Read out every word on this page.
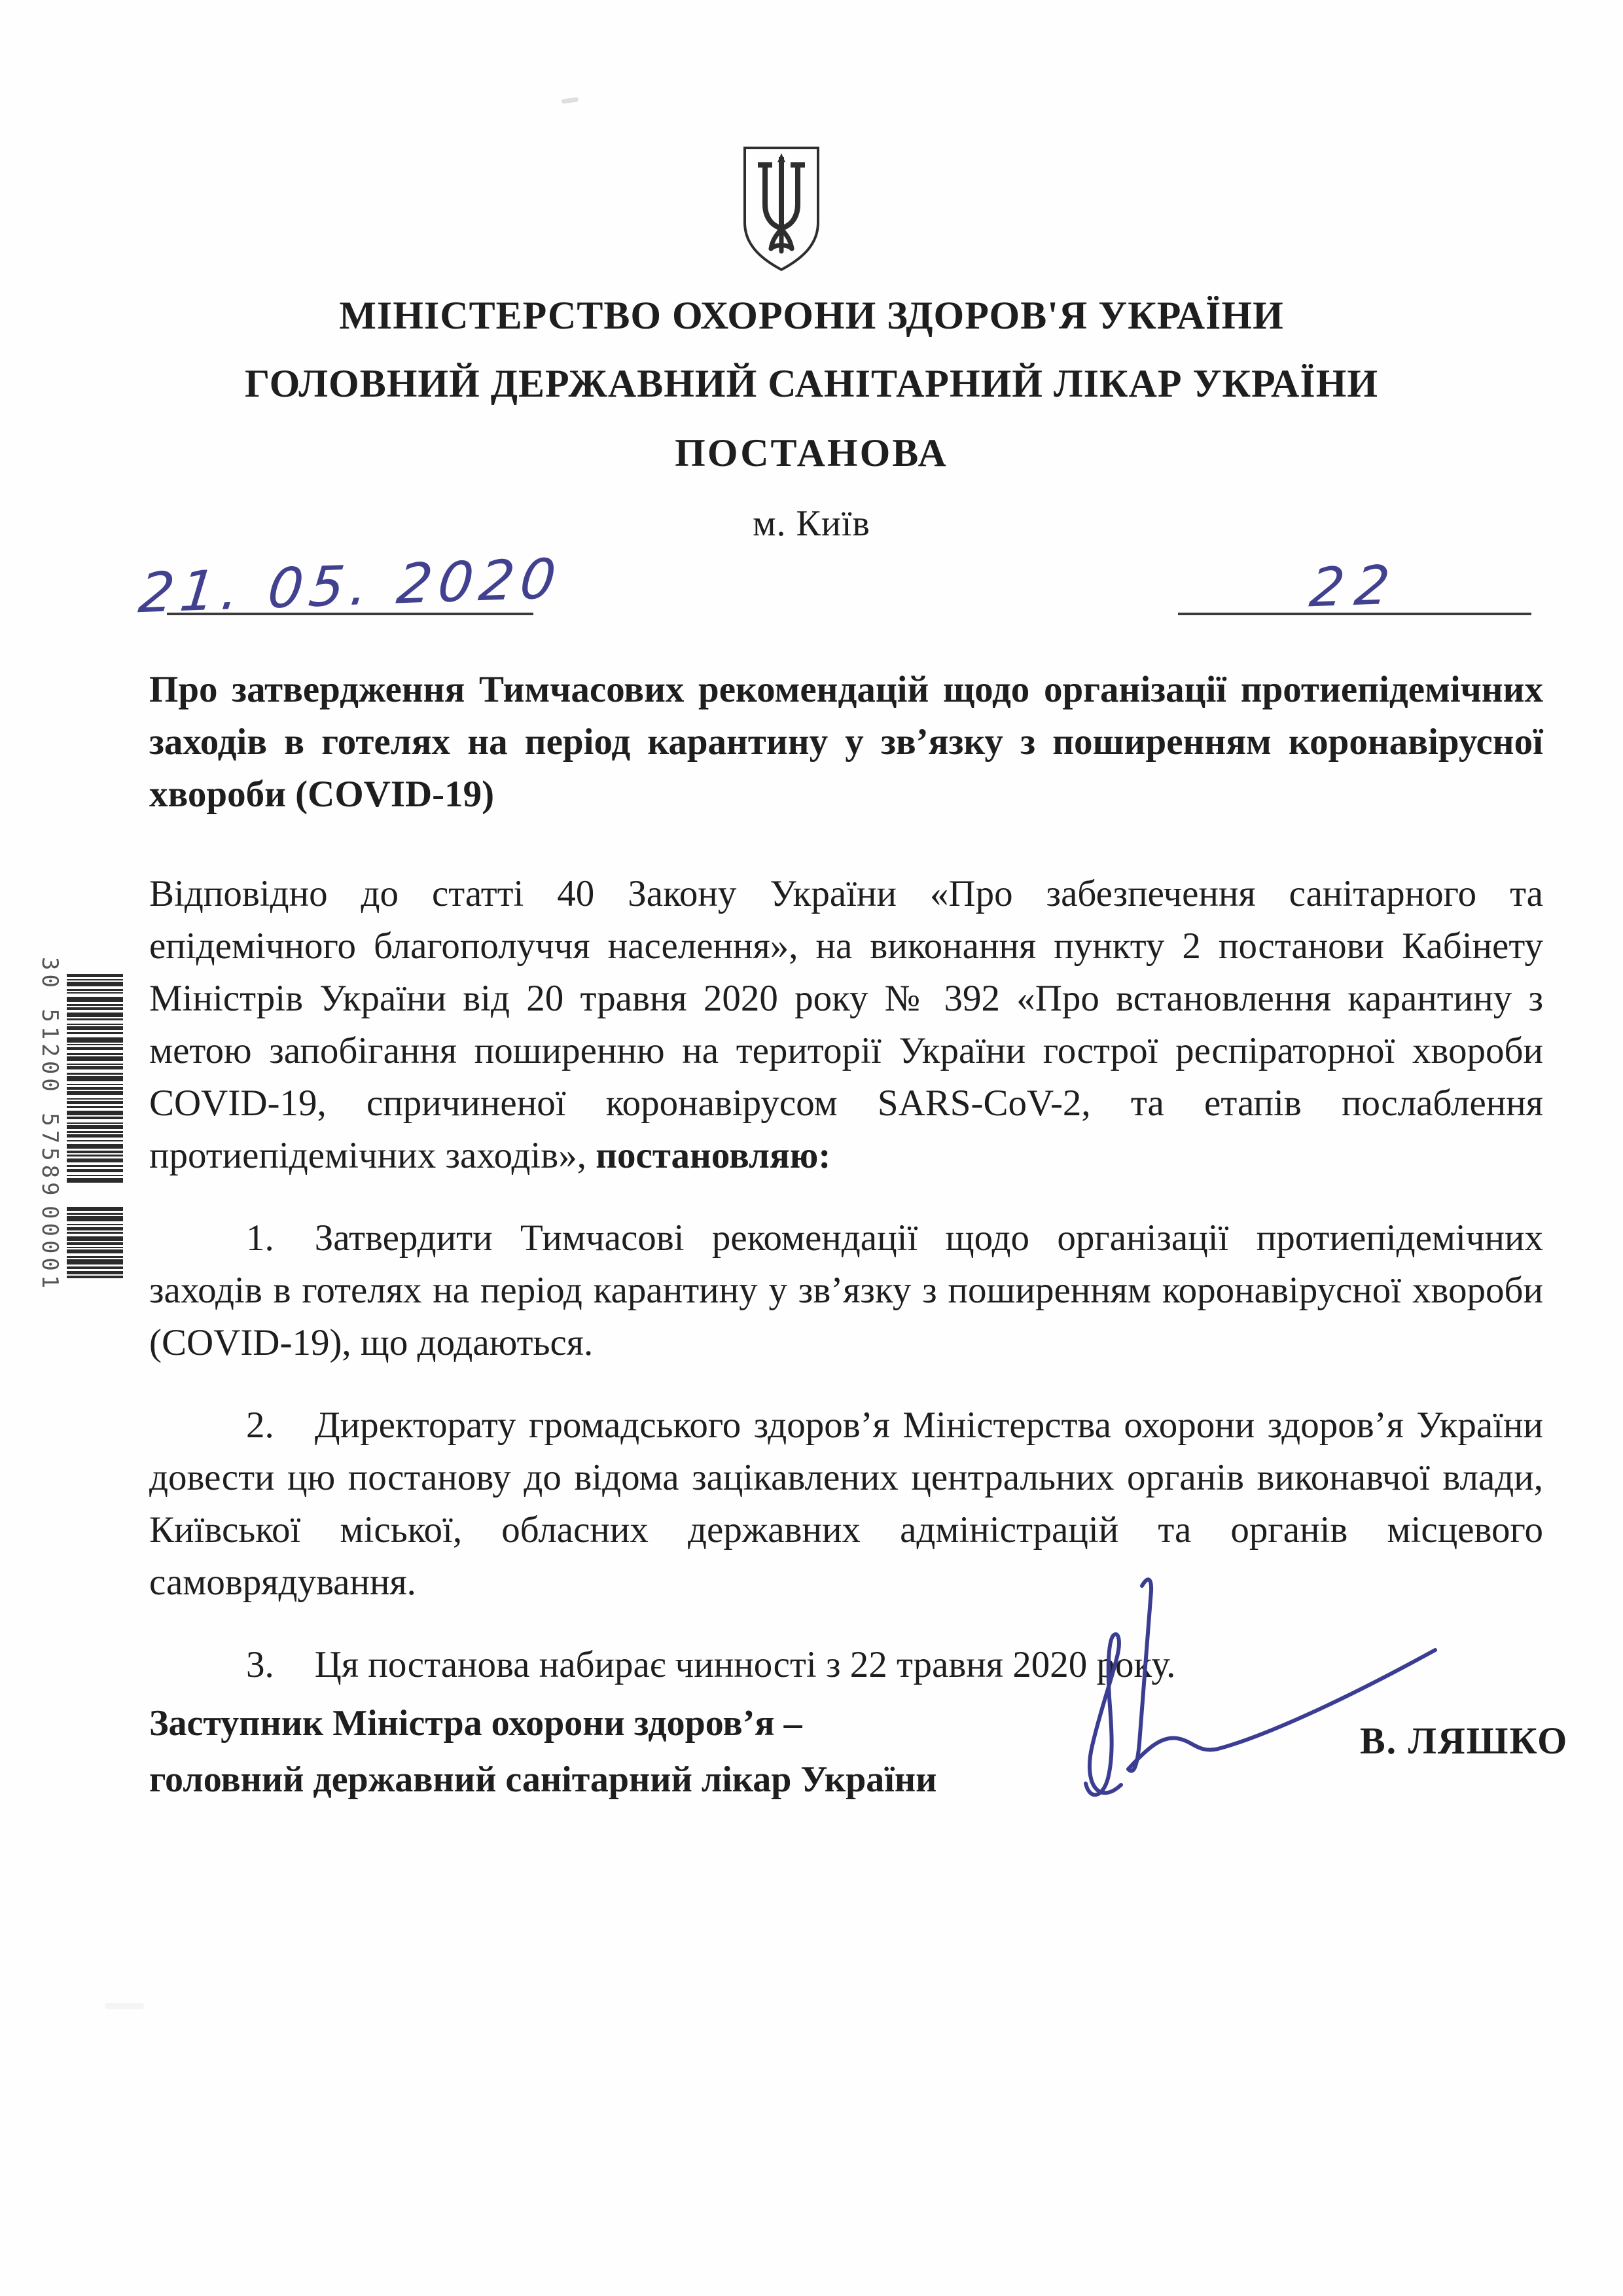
МІНІСТЕРСТВО ОХОРОНИ ЗДОРОВ'Я УКРАЇНИ
ГОЛОВНИЙ ДЕРЖАВНИЙ САНІТАРНИЙ ЛІКАР УКРАЇНИ
ПОСТАНОВА
м. Київ
21. 05. 2020	22

Про затвердження Тимчасових рекомендацій щодо організації протиепідемічних заходів в готелях на період карантину у зв’язку з поширенням коронавірусної хвороби (COVID-19)

Відповідно до статті 40 Закону України «Про забезпечення санітарного та епідемічного благополуччя населення», на виконання пункту 2 постанови Кабінету Міністрів України від 20 травня 2020 року № 392 «Про встановлення карантину з метою запобігання поширенню на території України гострої респіраторної хвороби COVID-19, спричиненої коронавірусом SARS-CoV-2, та етапів послаблення протиепідемічних заходів», постановляю:

1. Затвердити Тимчасові рекомендації щодо організації протиепідемічних заходів в готелях на період карантину у зв’язку з поширенням коронавірусної хвороби (COVID-19), що додаються.

2. Директорату громадського здоров’я Міністерства охорони здоров’я України довести цю постанову до відома зацікавлених центральних органів виконавчої влади, Київської міської, обласних державних адміністрацій та органів місцевого самоврядування.

3. Ця постанова набирає чинності з 22 травня 2020 року.

Заступник Міністра охорони здоров’я –
головний державний санітарний лікар України
В. ЛЯШКО
30 51200 57589
00001
